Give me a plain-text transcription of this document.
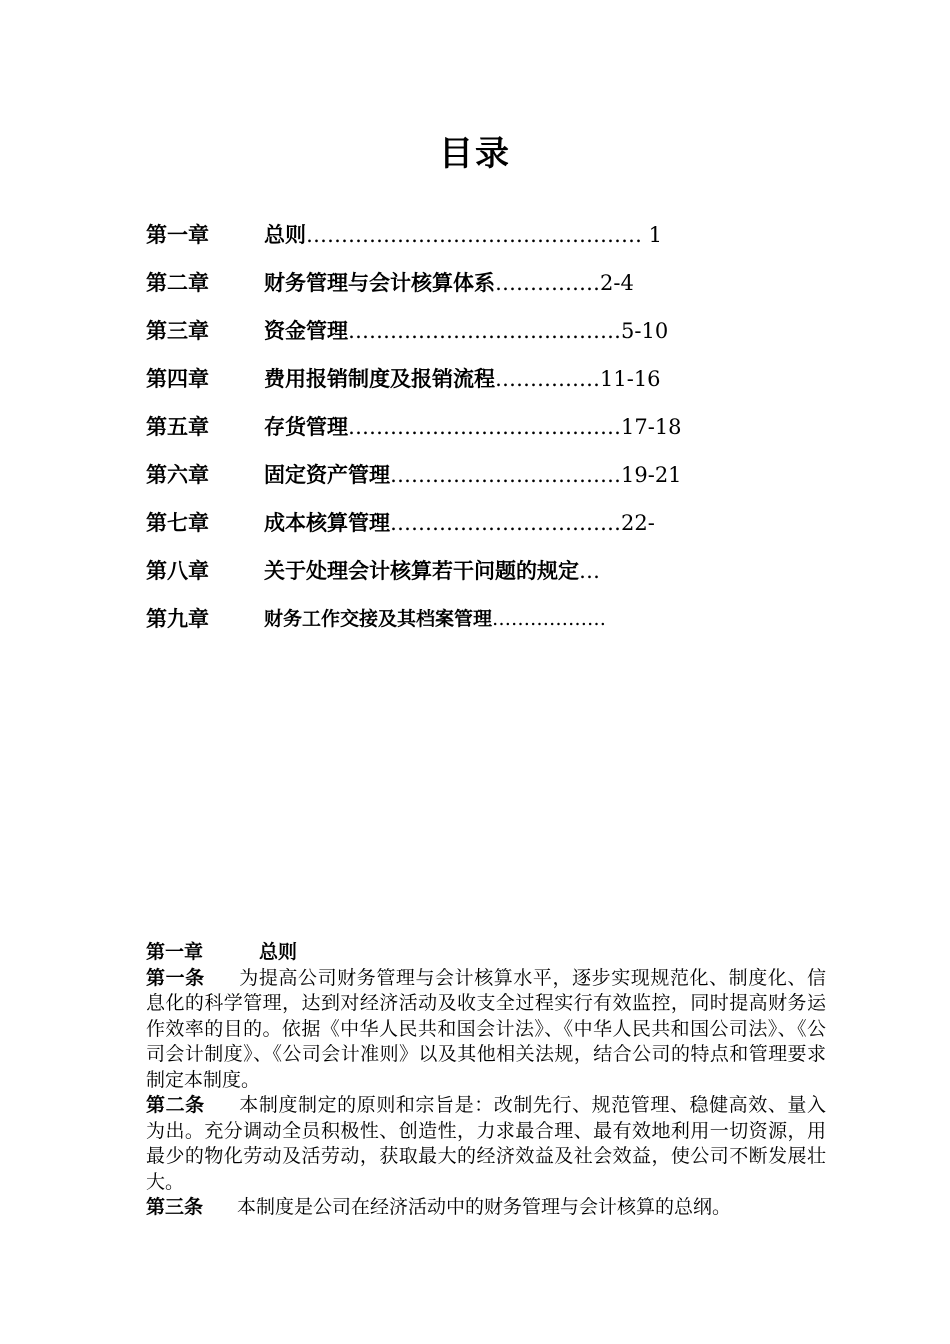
目录
第一章	总则………………………………………… 1
第二章	财务管理与会计核算体系……………2-4
第三章	资金管理…………………………………5-10
第四章	费用报销制度及报销流程……………11-16
第五章	存货管理…………………………………17-18
第六章	固定资产管理……………………………19-21
第七章	成本核算管理……………………………22-
第八章	关于处理会计核算若干问题的规定…
第九章	财务工作交接及其档案管理………………
第一章	总则

第一条 为提高公司财务管理与会计核算水平，逐步实现规范化、制度化、信息化的科学管理，达到对经济活动及收支全过程实行有效监控，同时提高财务运作效率的目的。依据《中华人民共和国会计法》、《中华人民共和国公司法》、《公司会计制度》、《公司会计准则》以及其他相关法规，结合公司的特点和管理要求制定本制度。

第二条 本制度制定的原则和宗旨是：改制先行、规范管理、稳健高效、量入为出。充分调动全员积极性、创造性，力求最合理、最有效地利用一切资源，用最少的物化劳动及活劳动，获取最大的经济效益及社会效益，使公司不断发展壮大。

第三条 本制度是公司在经济活动中的财务管理与会计核算的总纲。
